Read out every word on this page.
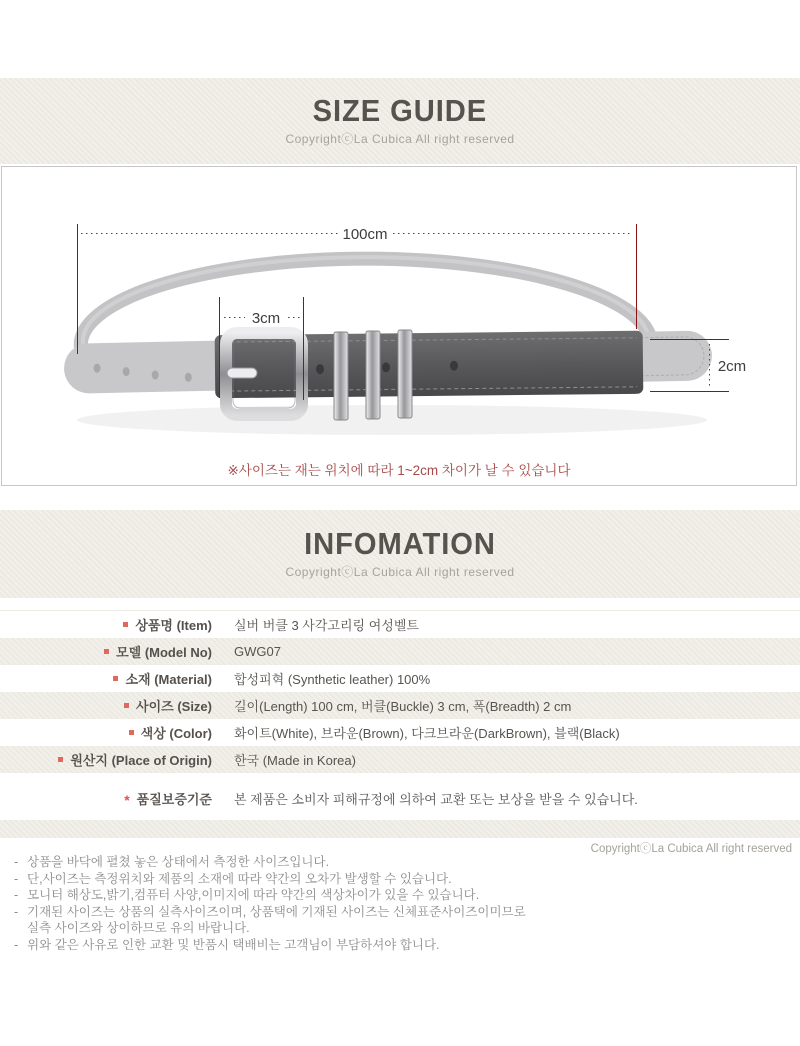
SIZE GUIDE
CopyrightⓒLa Cubica All right reserved
100cm
3cm
2cm
※사이즈는 재는 위치에 따라 1~2cm 차이가 날 수 있습니다
INFOMATION
CopyrightⓒLa Cubica All right reserved
상품명 (Item) 실버 버클 3 사각고리링 여성벨트
모델 (Model No) GWG07
소재 (Material) 합성피혁 (Synthetic leather) 100%
사이즈 (Size) 길이(Length) 100 cm, 버클(Buckle) 3 cm, 폭(Breadth) 2 cm
색상 (Color) 화이트(White), 브라운(Brown), 다크브라운(DarkBrown), 블랙(Black)
원산지 (Place of Origin) 한국 (Made in Korea)
* 품질보증기준 본 제품은 소비자 피해규정에 의하여 교환 또는 보상을 받을 수 있습니다.
CopyrightⓒLa Cubica All right reserved
- 상품을 바닥에 펼쳤 놓은 상태에서 측정한 사이즈입니다.
- 단,사이즈는 측정위치와 제품의 소재에 따라 약간의 오차가 발생할 수 있습니다.
- 모니터 해상도,밝기,컴퓨터 사양,이미지에 따라 약간의 색상차이가 있을 수 있습니다.
- 기재된 사이즈는 상품의 실측사이즈이며, 상품택에 기재된 사이즈는 신체표준사이즈이미므로
실측 사이즈와 상이하므로 유의 바랍니다.
- 위와 같은 사유로 인한 교환 및 반품시 택배비는 고객님이 부담하셔야 합니다.
